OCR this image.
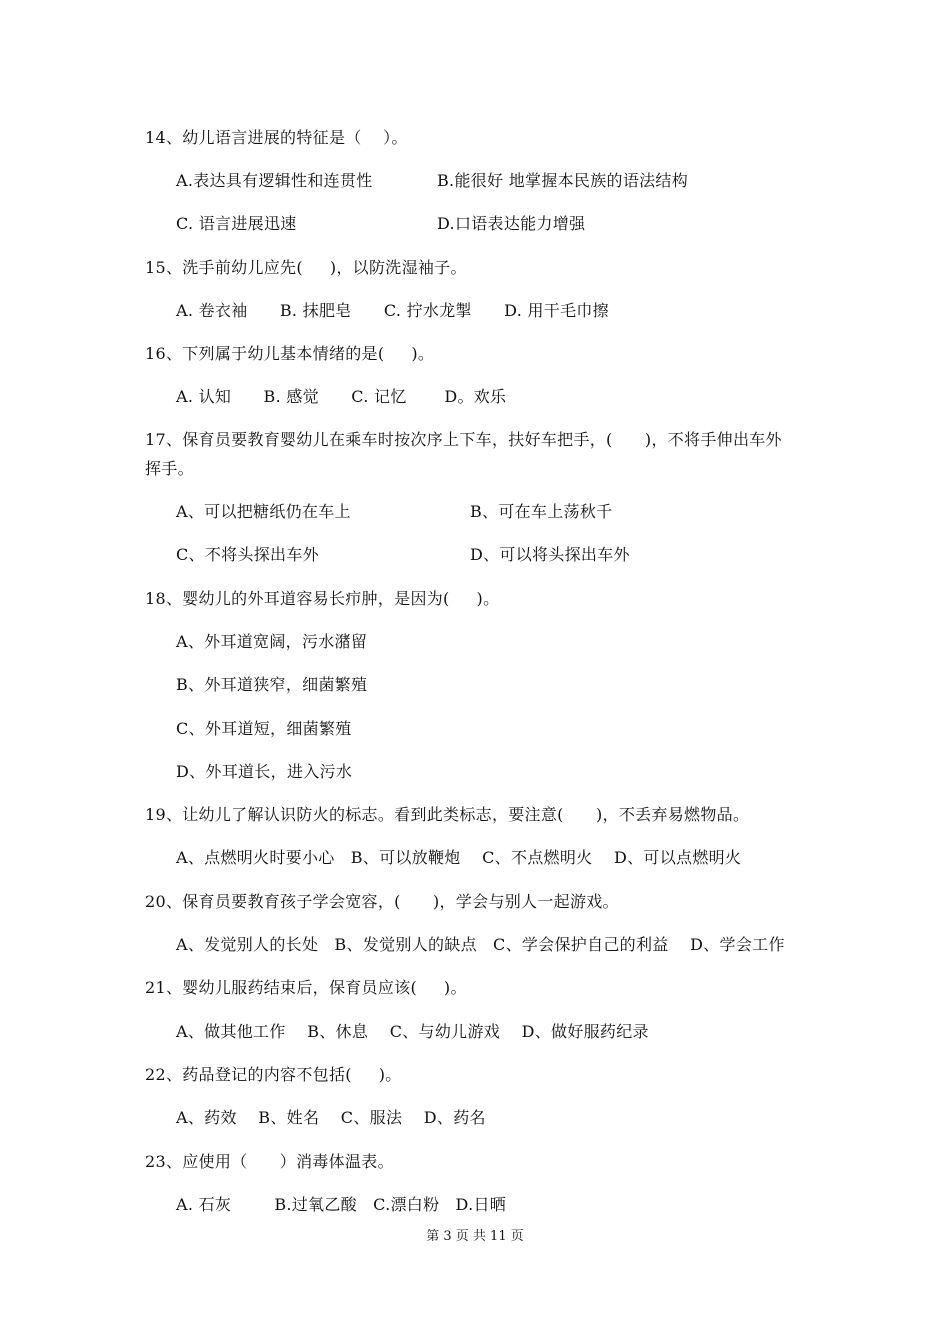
14、幼儿语言进展的特征是（    ）。
A.表达具有逻辑性和连贯性	B.能很好 地掌握本民族的语法结构
C. 语言进展迅速	D.口语表达能力增强
15、洗手前幼儿应先(     )，以防洗湿袖子。
A. 卷衣袖      B. 抹肥皂      C. 拧水龙掣      D. 用干毛巾擦
16、下列属于幼儿基本情绪的是(     )。
A. 认知      B. 感觉      C. 记忆       D。欢乐
17、保育员要教育婴幼儿在乘车时按次序上下车，扶好车把手，(      )，不将手伸出车外
挥手。
A、可以把糖纸仍在车上	B、可在车上荡秋千
C、不将头探出车外	D、可以将头探出车外
18、婴幼儿的外耳道容易长疖肿，是因为(     )。
A、外耳道宽阔，污水潴留
B、外耳道狭窄，细菌繁殖
C、外耳道短，细菌繁殖
D、外耳道长，进入污水
19、让幼儿了解认识防火的标志。看到此类标志，要注意(      )，不丢弃易燃物品。
A、点燃明火时要小心   B、可以放鞭炮    C、不点燃明火    D、可以点燃明火
20、保育员要教育孩子学会宽容，(      )，学会与别人一起游戏。
A、发觉别人的长处   B、发觉别人的缺点   C、学会保护自己的利益    D、学会工作
21、婴幼儿服药结束后，保育员应该(     )。
A、做其他工作    B、休息    C、与幼儿游戏    D、做好服药纪录
22、药品登记的内容不包括(     )。
A、药效    B、姓名    C、服法    D、药名
23、应使用（      ）消毒体温表。
A. 石灰        B.过氧乙酸   C.漂白粉   D.日晒
第 3 页 共 11 页
